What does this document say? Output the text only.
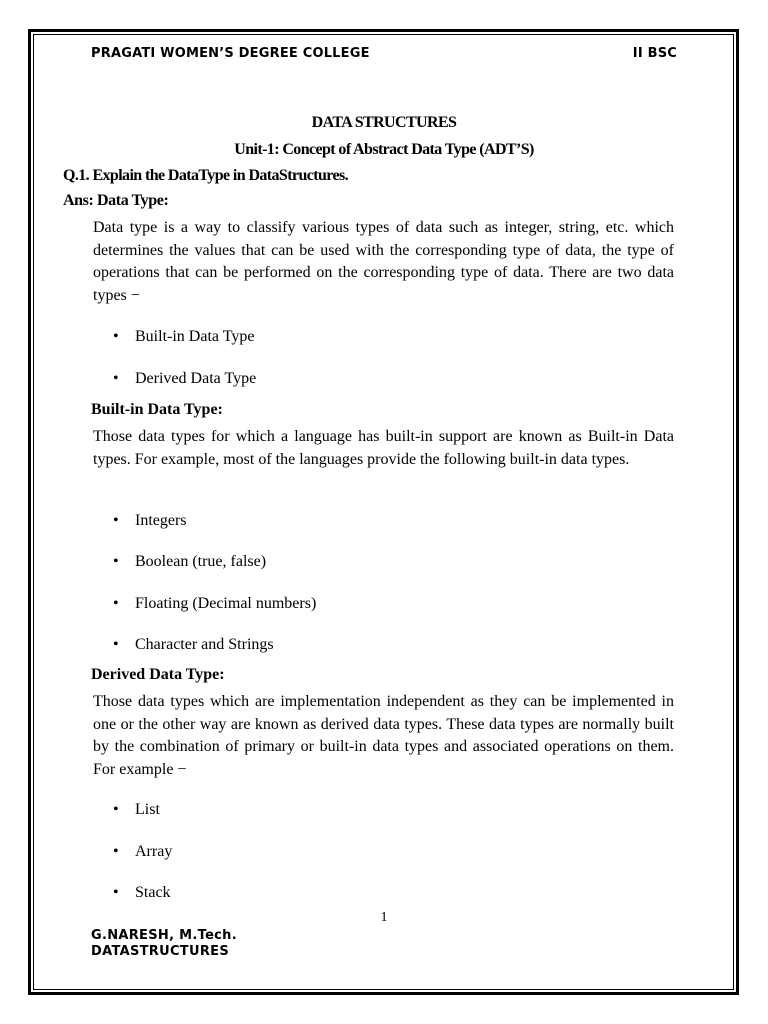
PRAGATI WOMEN’S DEGREE COLLEGE	II BSC
DATA STRUCTURES
Unit-1: Concept of Abstract Data Type (ADT’S)
Q.1. Explain the DataType in DataStructures.
Ans: Data Type:

Data type is a way to classify various types of data such as integer, string, etc. which determines the values that can be used with the corresponding type of data, the type of operations that can be performed on the corresponding type of data. There are two data types −

• Built-in Data Type
• Derived Data Type
Built-in Data Type:

Those data types for which a language has built-in support are known as Built-in Data types. For example, most of the languages provide the following built-in data types.

• Integers
• Boolean (true, false)
• Floating (Decimal numbers)
• Character and Strings
Derived Data Type:

Those data types which are implementation independent as they can be implemented in one or the other way are known as derived data types. These data types are normally built by the combination of primary or built-in data types and associated operations on them. For example −

• List
• Array
• Stack
1
G.NARESH, M.Tech.
DATASTRUCTURES
